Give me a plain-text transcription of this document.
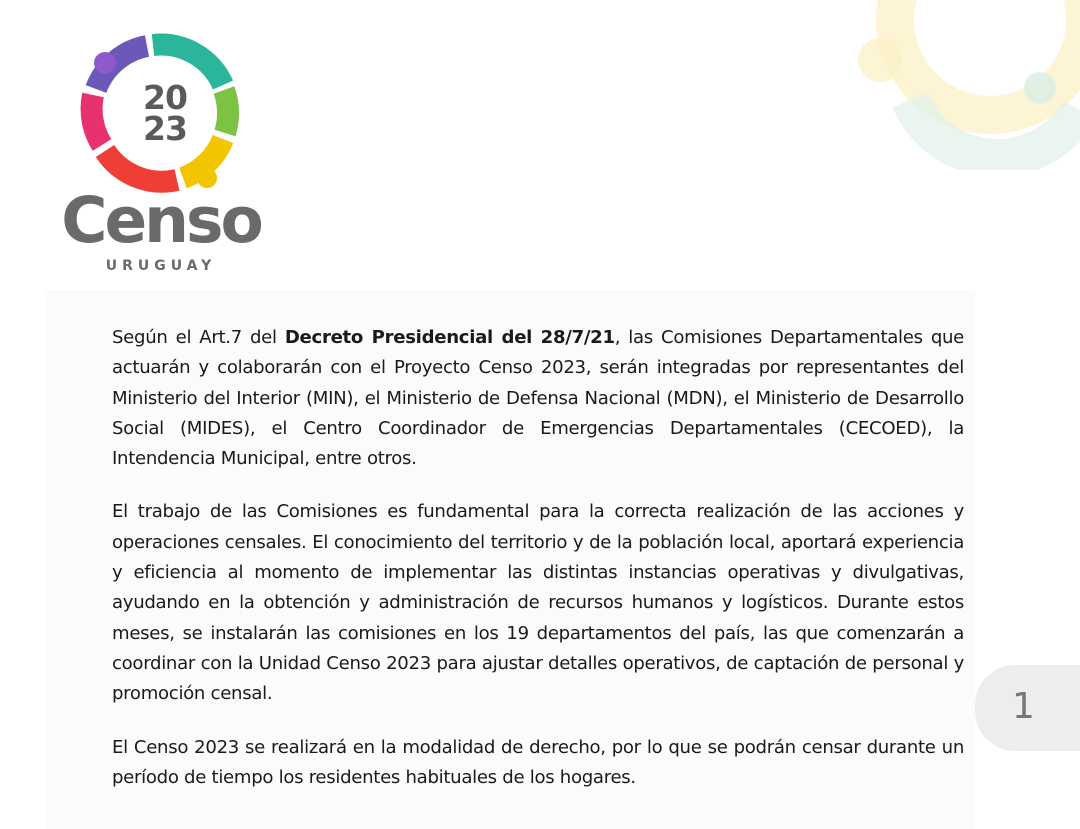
20
23
Censo
URUGUAY

Según el Art.7 del Decreto Presidencial del 28/7/21, las Comisiones Departamentales que actuarán y colaborarán con el Proyecto Censo 2023, serán integradas por representantes del Ministerio del Interior (MIN), el Ministerio de Defensa Nacional (MDN), el Ministerio de Desarrollo Social (MIDES), el Centro Coordinador de Emergencias Departamentales (CECOED), la Intendencia Municipal, entre otros.

El trabajo de las Comisiones es fundamental para la correcta realización de las acciones y operaciones censales. El conocimiento del territorio y de la población local, aportará experiencia y eficiencia al momento de implementar las distintas instancias operativas y divulgativas, ayudando en la obtención y administración de recursos humanos y logísticos. Durante estos meses, se instalarán las comisiones en los 19 departamentos del país, las que comenzarán a coordinar con la Unidad Censo 2023 para ajustar detalles operativos, de captación de personal y promoción censal.

El Censo 2023 se realizará en la modalidad de derecho, por lo que se podrán censar durante un período de tiempo los residentes habituales de los hogares.

1
